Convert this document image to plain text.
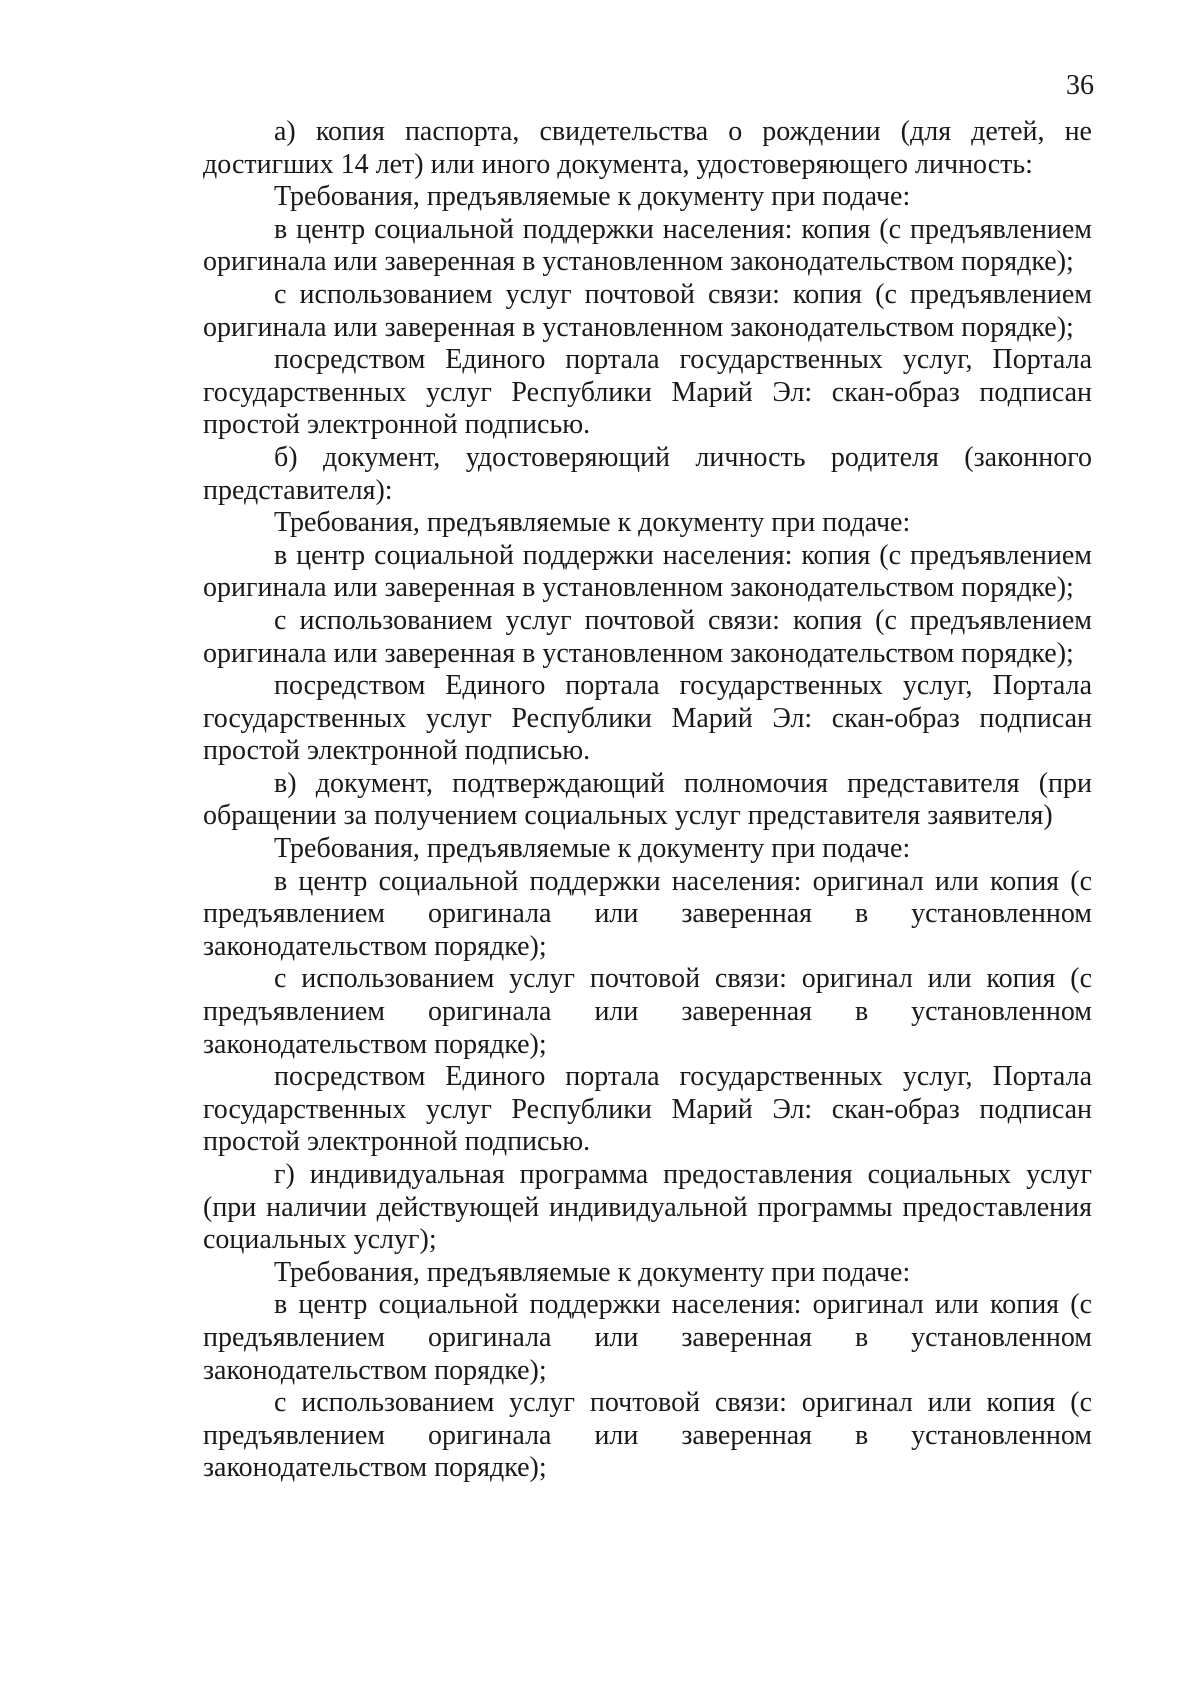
36

а) копия паспорта, свидетельства о рождении (для детей, не достигших 14 лет) или иного документа, удостоверяющего личность:

Требования, предъявляемые к документу при подаче:

в центр социальной поддержки населения: копия (с предъявлением оригинала или заверенная в установленном законодательством порядке);

с использованием услуг почтовой связи: копия (с предъявлением оригинала или заверенная в установленном законодательством порядке);

посредством Единого портала государственных услуг, Портала государственных услуг Республики Марий Эл: скан-образ подписан простой электронной подписью.

б) документ, удостоверяющий личность родителя (законного представителя):

Требования, предъявляемые к документу при подаче:

в центр социальной поддержки населения: копия (с предъявлением оригинала или заверенная в установленном законодательством порядке);

с использованием услуг почтовой связи: копия (с предъявлением оригинала или заверенная в установленном законодательством порядке);

посредством Единого портала государственных услуг, Портала государственных услуг Республики Марий Эл: скан-образ подписан простой электронной подписью.

в) документ, подтверждающий полномочия представителя (при обращении за получением социальных услуг представителя заявителя)

Требования, предъявляемые к документу при подаче:

в центр социальной поддержки населения: оригинал или копия (с предъявлением оригинала или заверенная в установленном законодательством порядке);

с использованием услуг почтовой связи: оригинал или копия (с предъявлением оригинала или заверенная в установленном законодательством порядке);

посредством Единого портала государственных услуг, Портала государственных услуг Республики Марий Эл: скан-образ подписан простой электронной подписью.

г) индивидуальная программа предоставления социальных услуг (при наличии действующей индивидуальной программы предоставления социальных услуг);

Требования, предъявляемые к документу при подаче:

в центр социальной поддержки населения: оригинал или копия (с предъявлением оригинала или заверенная в установленном законодательством порядке);

с использованием услуг почтовой связи: оригинал или копия (с предъявлением оригинала или заверенная в установленном законодательством порядке);
